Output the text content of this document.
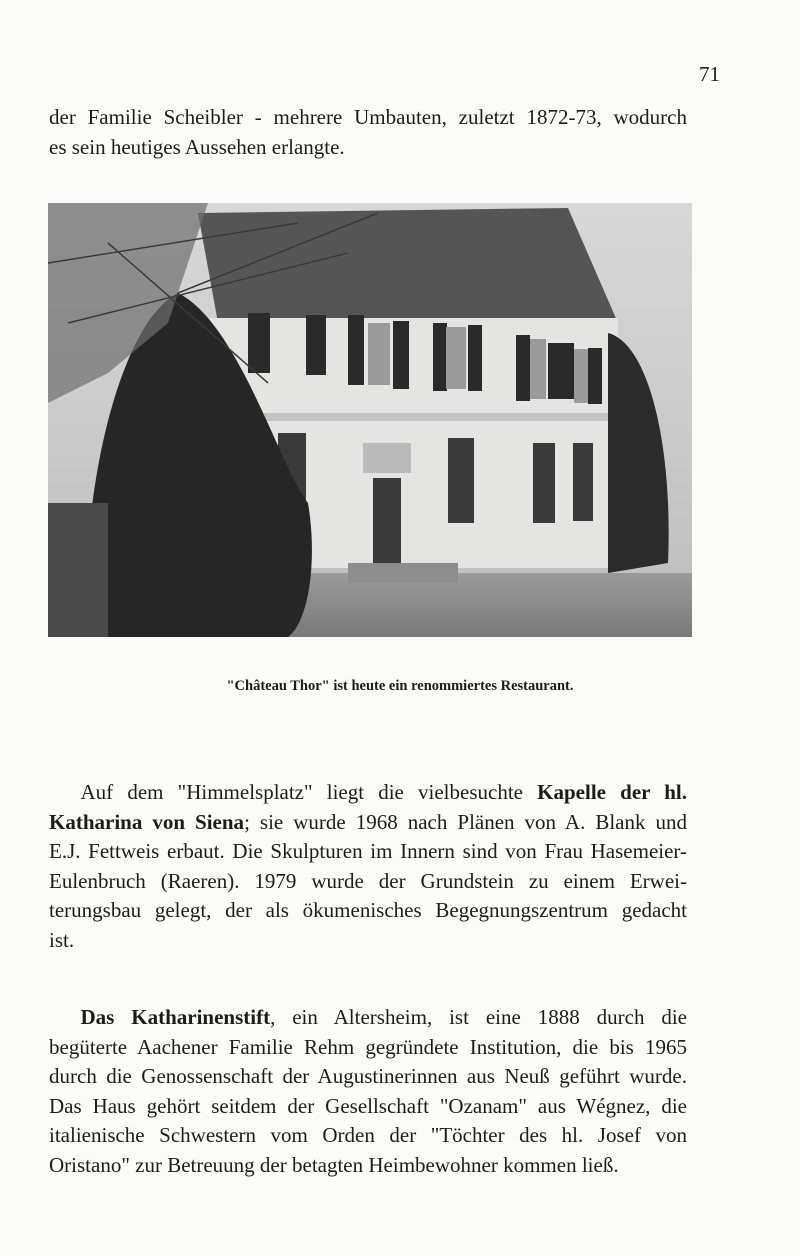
71
der Familie Scheibler - mehrere Umbauten, zuletzt 1872-73, wodurch
es sein heutiges Aussehen erlangte.
"Château Thor" ist heute ein renommiertes Restaurant.
  Auf dem "Himmelsplatz" liegt die vielbesuchte Kapelle der hl.
Katharina von Siena; sie wurde 1968 nach Plänen von A. Blank und
E.J. Fettweis erbaut. Die Skulpturen im Innern sind von Frau Hasemeier-
Eulenbruch (Raeren). 1979 wurde der Grundstein zu einem Erwei-
terungsbau gelegt, der als ökumenisches Begegnungszentrum gedacht
ist.
  Das Katharinenstift, ein Altersheim, ist eine 1888 durch die
begüterte Aachener Familie Rehm gegründete Institution, die bis 1965
durch die Genossenschaft der Augustinerinnen aus Neuß geführt wurde.
Das Haus gehört seitdem der Gesellschaft "Ozanam" aus Wégnez, die
italienische Schwestern vom Orden der "Töchter des hl. Josef von
Oristano" zur Betreuung der betagten Heimbewohner kommen ließ.
